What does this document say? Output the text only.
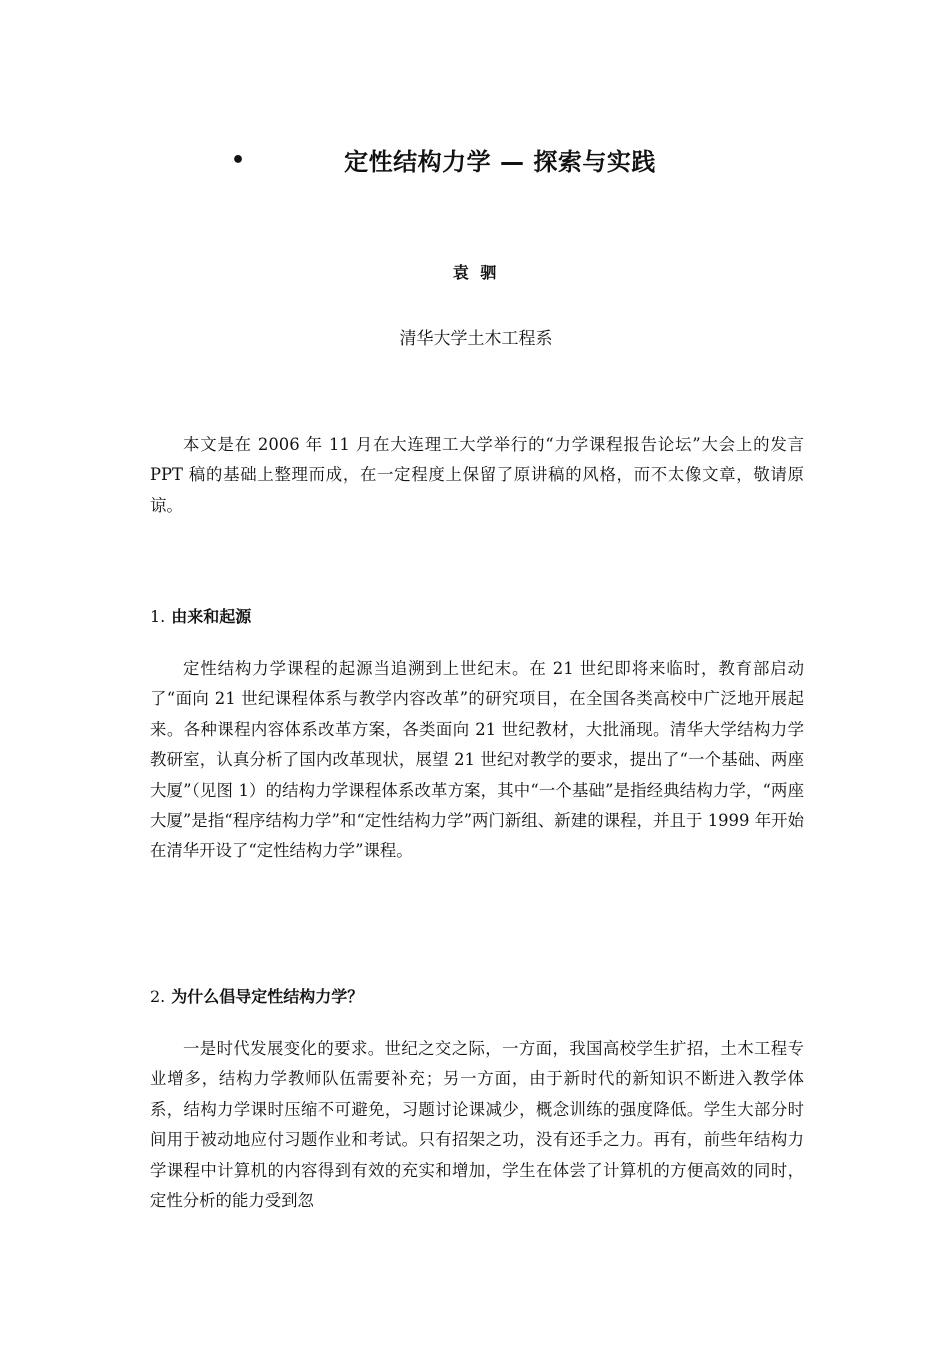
•	定性结构力学 — 探索与实践
袁 驷
清华大学土木工程系

本文是在 2006 年 11 月在大连理工大学举行的“力学课程报告论坛”大会上的发言 PPT 稿的基础上整理而成，在一定程度上保留了原讲稿的风格，而不太像文章，敬请原谅。

1. 由来和起源

定性结构力学课程的起源当追溯到上世纪末。在 21 世纪即将来临时，教育部启动了“面向 21 世纪课程体系与教学内容改革”的研究项目，在全国各类高校中广泛地开展起来。各种课程内容体系改革方案，各类面向 21 世纪教材，大批涌现。清华大学结构力学教研室，认真分析了国内改革现状，展望 21 世纪对教学的要求，提出了“一个基础、两座大厦”（见图 1）的结构力学课程体系改革方案，其中“一个基础”是指经典结构力学，“两座大厦”是指“程序结构力学”和“定性结构力学”两门新组、新建的课程，并且于 1999 年开始在清华开设了“定性结构力学”课程。

2. 为什么倡导定性结构力学？

一是时代发展变化的要求。世纪之交之际，一方面，我国高校学生扩招，土木工程专业增多，结构力学教师队伍需要补充；另一方面，由于新时代的新知识不断进入教学体系，结构力学课时压缩不可避免，习题讨论课减少，概念训练的强度降低。学生大部分时间用于被动地应付习题作业和考试。只有招架之功，没有还手之力。再有，前些年结构力学课程中计算机的内容得到有效的充实和增加，学生在体尝了计算机的方便高效的同时，定性分析的能力受到忽
